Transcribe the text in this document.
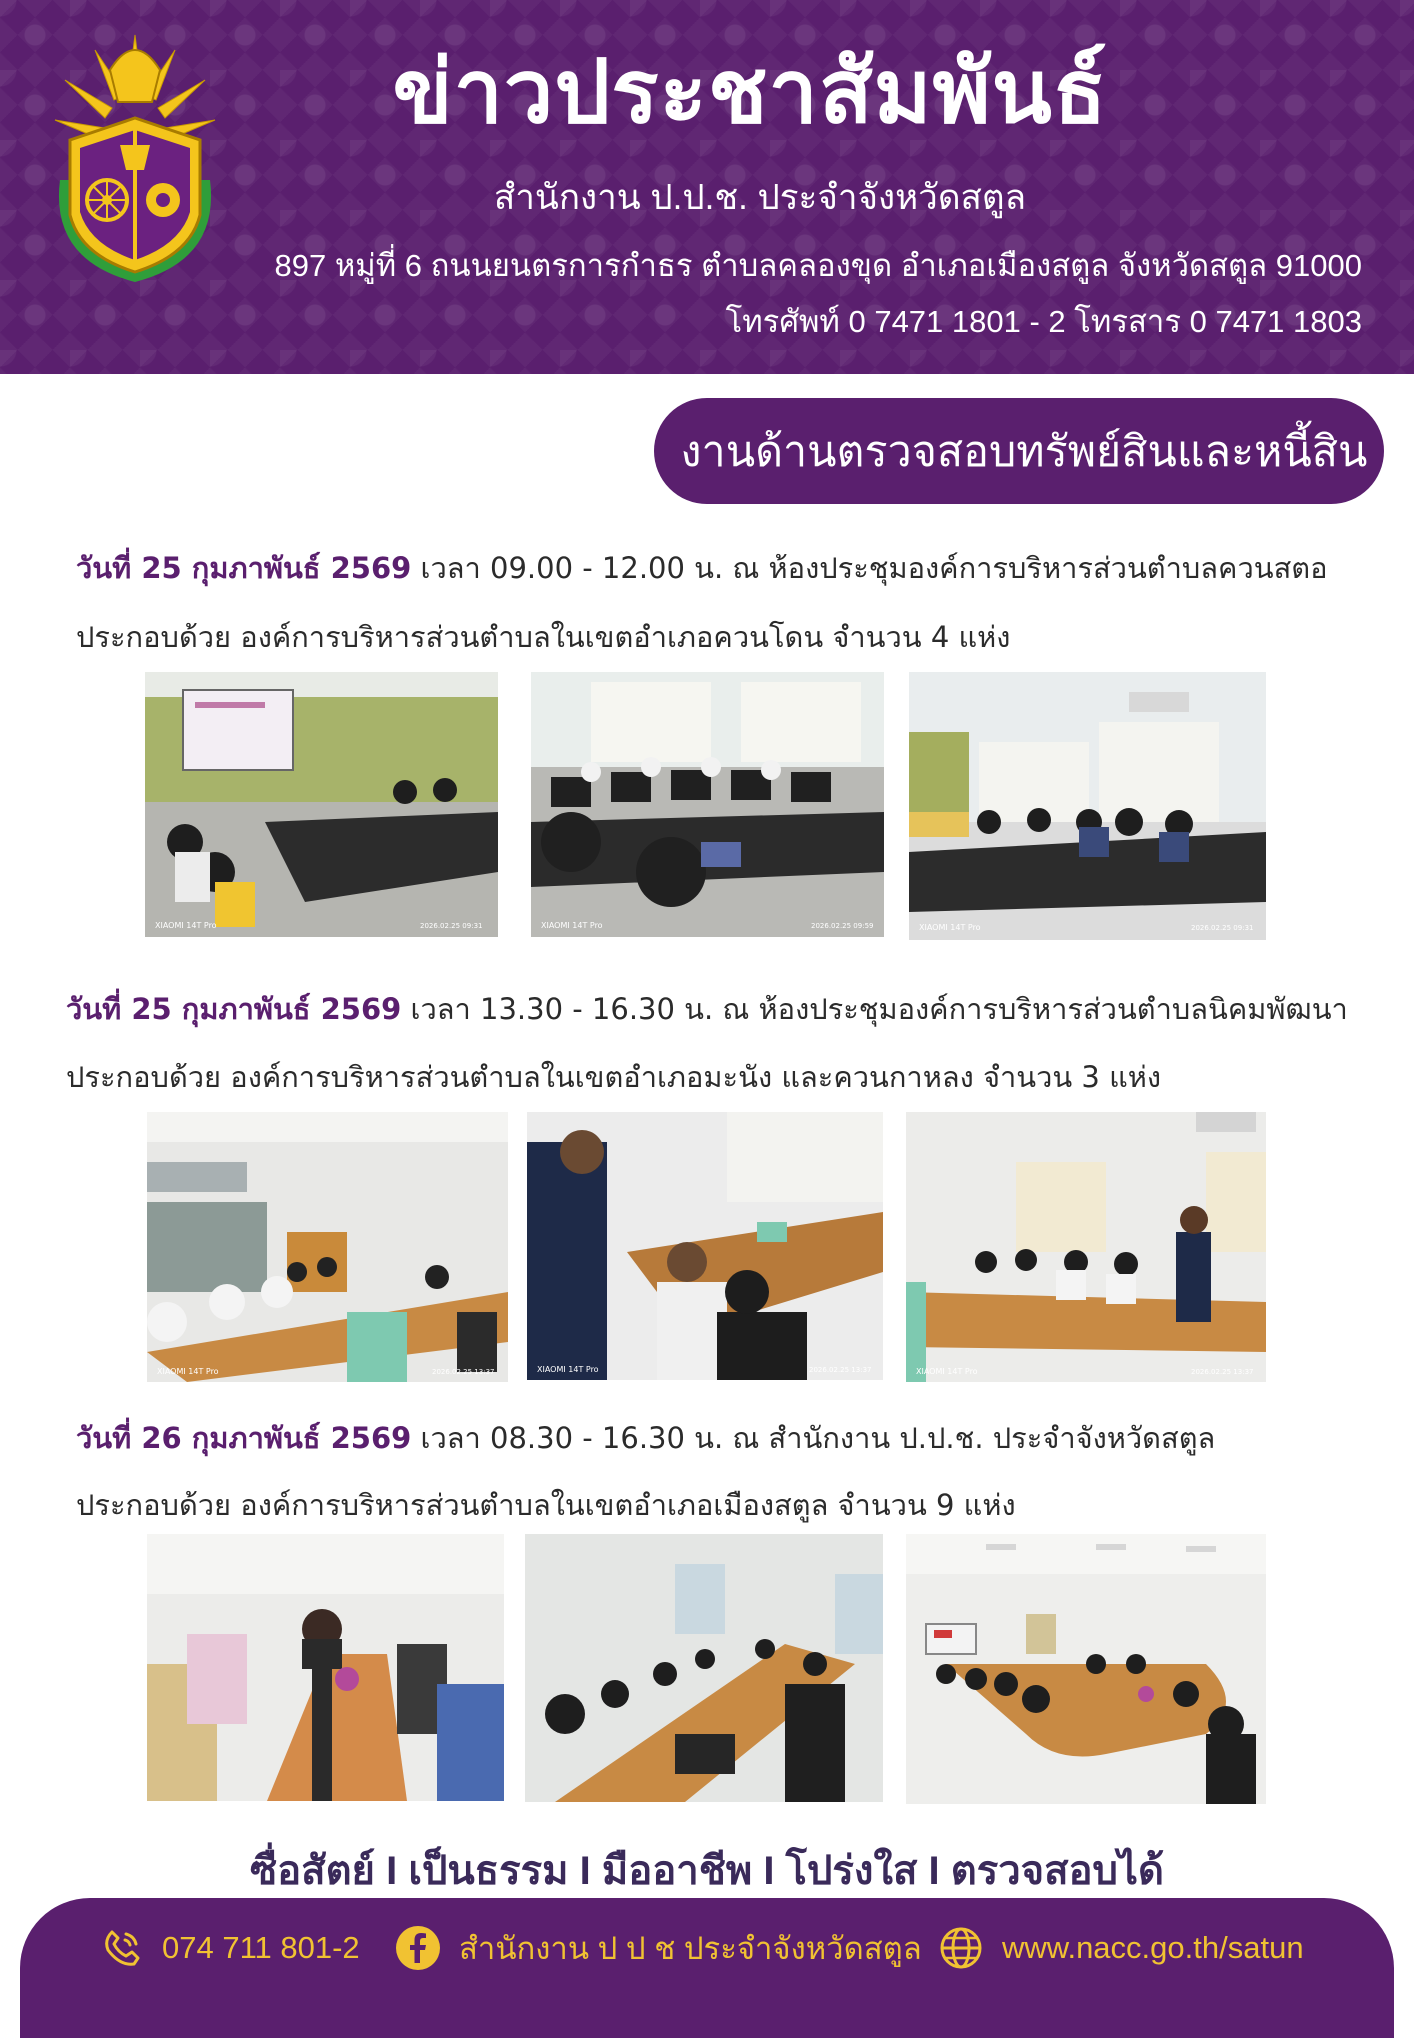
ข่าวประชาสัมพันธ์
สำนักงาน ป.ป.ช. ประจำจังหวัดสตูล
897 หมู่ที่ 6 ถนนยนตรการกำธร ตำบลคลองขุด อำเภอเมืองสตูล จังหวัดสตูล 91000
โทรศัพท์ 0 7471 1801 - 2 โทรสาร 0 7471 1803
งานด้านตรวจสอบทรัพย์สินและหนี้สิน
วันที่ 25 กุมภาพันธ์ 2569 เวลา 09.00 - 12.00 น. ณ ห้องประชุมองค์การบริหารส่วนตำบลควนสตอ
ประกอบด้วย องค์การบริหารส่วนตำบลในเขตอำเภอควนโดน จำนวน 4 แห่ง
XIAOMI 14T Pro	2026.02.25 09:31	XIAOMI 14T Pro	2026.02.25 09:59	XIAOMI 14T Pro	2026.02.25 09:31
วันที่ 25 กุมภาพันธ์ 2569 เวลา 13.30 - 16.30 น. ณ ห้องประชุมองค์การบริหารส่วนตำบลนิคมพัฒนา
ประกอบด้วย องค์การบริหารส่วนตำบลในเขตอำเภอมะนัง และควนกาหลง จำนวน 3 แห่ง
XIAOMI 14T Pro	2026.02.25 13:37	XIAOMI 14T Pro	2026.02.25 13:37	XIAOMI 14T Pro	2026.02.25 13:37
วันที่ 26 กุมภาพันธ์ 2569 เวลา 08.30 - 16.30 น. ณ สำนักงาน ป.ป.ช. ประจำจังหวัดสตูล
ประกอบด้วย องค์การบริหารส่วนตำบลในเขตอำเภอเมืองสตูล จำนวน 9 แห่ง
ซื่อสัตย์ I เป็นธรรม I มืออาชีพ I โปร่งใส I ตรวจสอบได้
074 711 801-2	สำนักงาน ป ป ช ประจำจังหวัดสตูล	www.nacc.go.th/satun
